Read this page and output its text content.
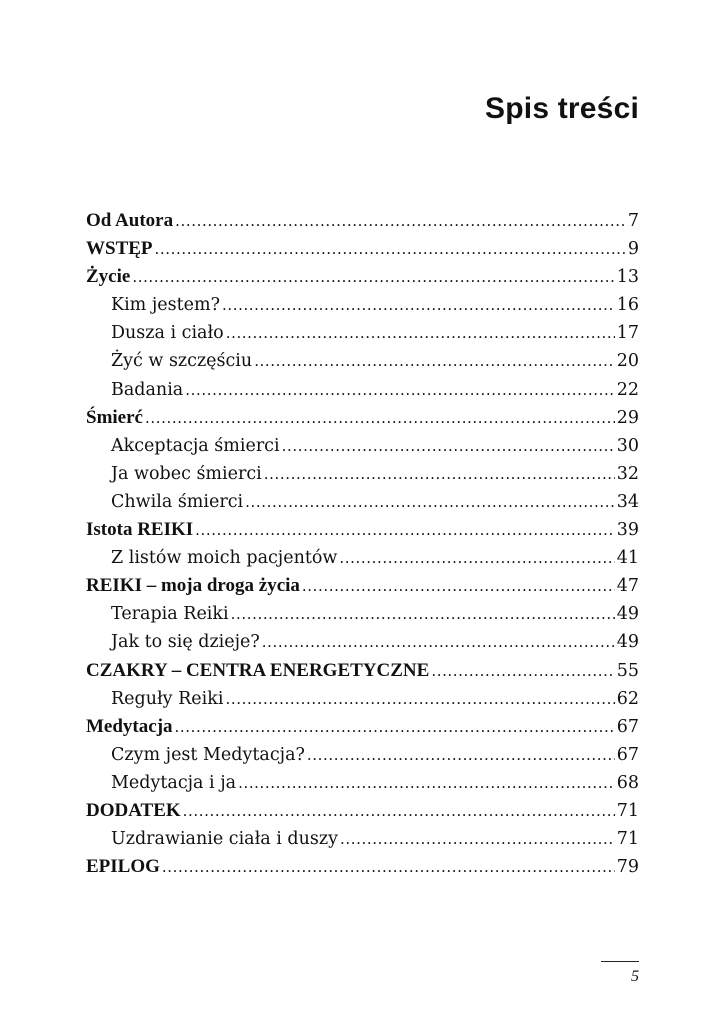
Spis treści
Od Autora .....	7
WSTĘP .....	9
Życie .....	13
Kim jestem? .....	16
Dusza i ciało .....	17
Żyć w szczęściu .....	20
Badania .....	22
Śmierć .....	29
Akceptacja śmierci .....	30
Ja wobec śmierci .....	32
Chwila śmierci .....	34
Istota REIKI .....	39
Z listów moich pacjentów .....	41
REIKI – moja droga życia .....	47
Terapia Reiki .....	49
Jak to się dzieje? .....	49
CZAKRY – CENTRA ENERGETYCZNE .....	55
Reguły Reiki .....	62
Medytacja .....	67
Czym jest Medytacja? .....	67
Medytacja i ja .....	68
DODATEK .....	71
Uzdrawianie ciała i duszy .....	71
EPILOG .....	79
5
